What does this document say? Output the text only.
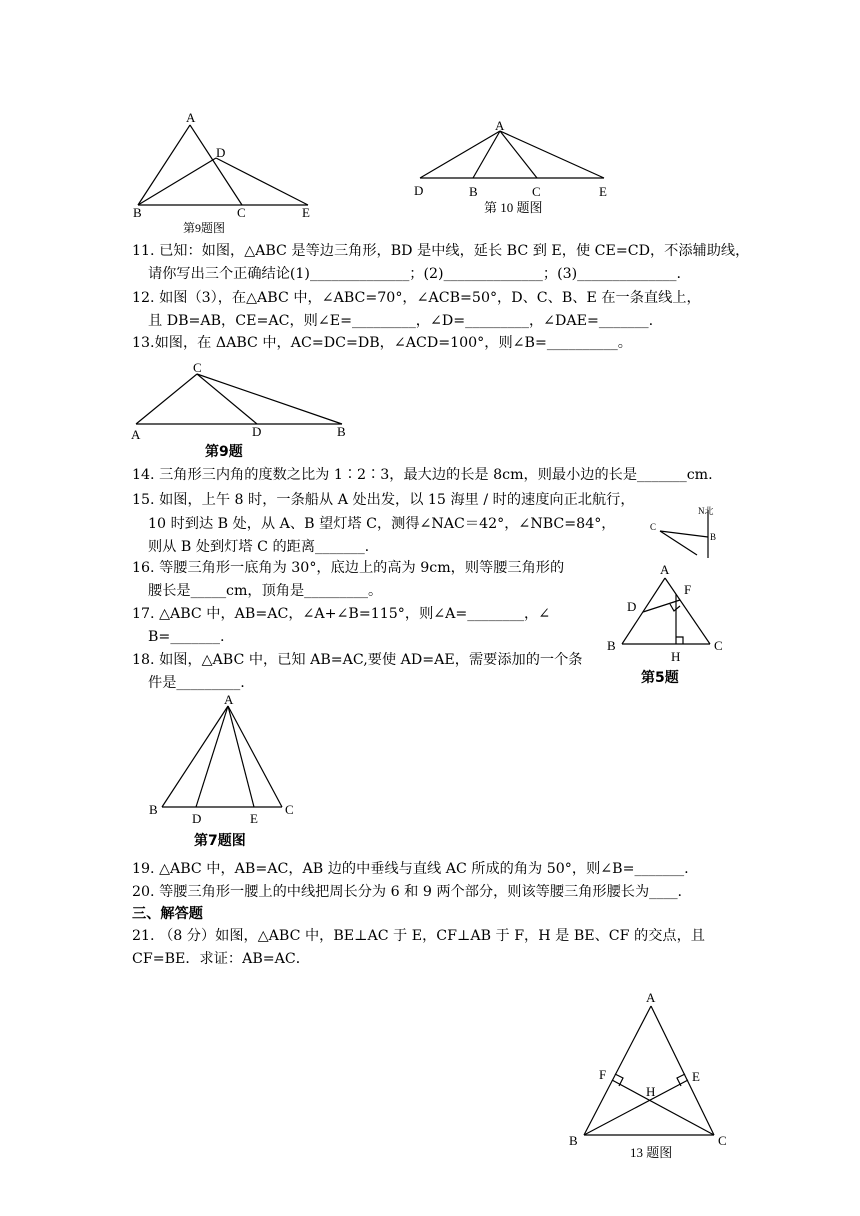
A
D
B	C	E
第9题图
A
D	B	C	E
第 10 题图
C
A	D	B
第9题
N北
C
B
A
F
D
B	C
H
第5题
A
B
D	E
C
第7题图
A
F	E
H
B	C
13 题图
11. 已知：如图，△ABC 是等边三角形，BD 是中线，延长 BC 到 E，使 CE=CD，不添辅助线，
请你写出三个正确结论(1)______________；(2)______________；(3)______________.
12. 如图（3），在△ABC 中，∠ABC=70°，∠ACB=50°，D、C、B、E 在一条直线上，
且 DB=AB，CE=AC，则∠E=_________，∠D=_________，∠DAE=_______.
13.如图，在 ΔABC 中，AC=DC=DB，∠ACD=100°，则∠B=__________。
14. 三角形三内角的度数之比为 1∶2∶3，最大边的长是 8cm，则最小边的长是_______cm.
15. 如图，上午 8 时，一条船从 A 处出发，以 15 海里 / 时的速度向正北航行，
10 时到达 B 处，从 A、B 望灯塔 C，测得∠NAC＝42°，∠NBC=84°，
则从 B 处到灯塔 C 的距离_______.
16. 等腰三角形一底角为 30°，底边上的高为 9cm，则等腰三角形的
腰长是_____cm，顶角是_________。
17. △ABC 中，AB=AC，∠A+∠B=115°，则∠A=________，∠
B=_______.
18. 如图，△ABC 中，已知 AB=AC,要使 AD=AE，需要添加的一个条
件是_________.
19. △ABC 中，AB=AC，AB 边的中垂线与直线 AC 所成的角为 50°，则∠B=_______.
20. 等腰三角形一腰上的中线把周长分为 6 和 9 两个部分，则该等腰三角形腰长为____.
三、解答题
21. （8 分）如图，△ABC 中，BE⊥AC 于 E，CF⊥AB 于 F，H 是 BE、CF 的交点，且
CF=BE．求证：AB=AC．
